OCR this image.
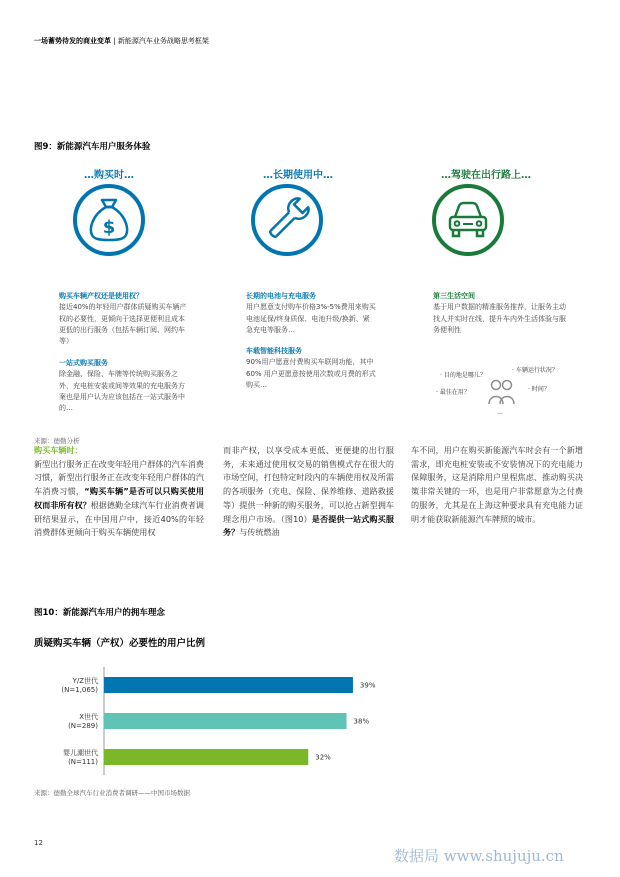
一场蓄势待发的商业变革 | 新能源汽车业务战略思考框架
图9：新能源汽车用户服务体验
…购买时…	…长期使用中…	…驾驶在出行路上…
$
购买车辆产权还是使用权？
接近40%的年轻用户群体质疑购买车辆产权的必要性，更倾向于选择更便利且成本更低的出行服务（包括车辆订阅、网约车等）
一站式购买服务
除金融、保险、车牌等传统购买服务之外，充电桩安装或间等效果的充电服务方案也是用户认为应该包括在一站式服务中的…
长期的电池与充电服务
用户愿意支付购车价格3%-5%费用来购买电池延保/终身质保、电池升级/换新、紧急充电等服务…
车载智能科技服务
90%用户愿意付费购买车联网功能，其中60% 用户更愿意按使用次数或月费的形式购买…
第三生活空间
基于用户数据的精准服务推荐，让服务主动找人并实时在线，提升车内外生活体验与服务便利性
· 目的地是哪儿？
· 车辆运行状况？
· 最佳在用？	· 时间？
…
来源：德勤分析
购买车辆时：
新型出行服务正在改变年轻用户群体的汽车消费习惯，新型出行服务正在改变年轻用户群体的汽车消费习惯，“购买车辆”是否可以只购买使用权而非所有权？根据德勤全球汽车行业消费者调研结果显示，在中国用户中，接近40%的年轻消费群体更倾向于购买车辆使用权
而非产权，以享受成本更低、更便捷的出行服务，未来通过使用权交易的销售模式存在很大的市场空间，打包特定时段内的车辆使用权及所需的各项服务（充电、保险、保养维修、道路救援等）提供一种新的购买服务，可以抢占新型拥车理念用户市场。（图10）是否提供一站式购买服务？与传统燃油
车不同，用户在购买新能源汽车时会有一个新增需求，即充电桩安装或不安装情况下的充电能力保障服务，这是消除用户里程焦虑、推动购买决策非常关键的一环，也是用户非常愿意为之付费的服务，尤其是在上海这种要求具有充电能力证明才能获取新能源汽车牌照的城市。
图10：新能源汽车用户的拥车理念
质疑购买车辆（产权）必要性的用户比例
39%
Y/Z世代
(N=1,065)
38%
X世代
(N=289)
32%
婴儿潮世代
(N=111)
来源：德勤全球汽车行业消费者调研——中国市场数据
12
数据局 www.shujuju.cn
